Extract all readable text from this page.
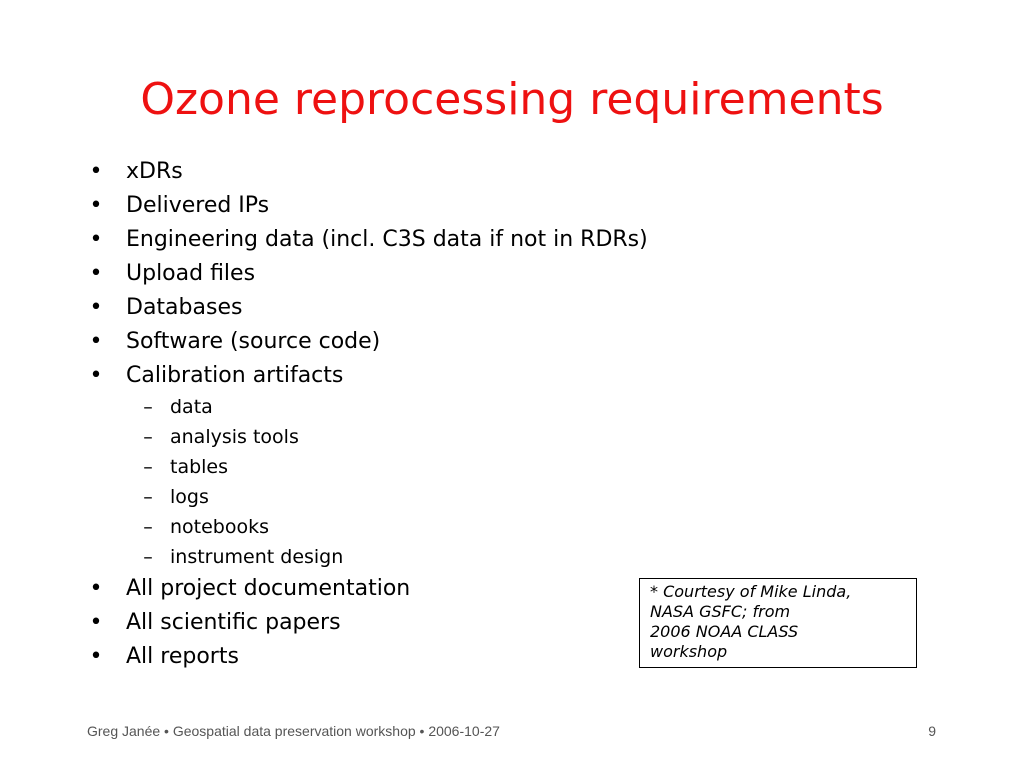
Ozone reprocessing requirements
• xDRs
• Delivered IPs
• Engineering data (incl. C3S data if not in RDRs)
• Upload files
• Databases
• Software (source code)
• Calibration artifacts
– data
– analysis tools
– tables
– logs
– notebooks
– instrument design
• All project documentation
• All scientific papers
• All reports
* Courtesy of Mike Linda,
NASA GSFC; from
2006 NOAA CLASS
workshop
Greg Janée • Geospatial data preservation workshop • 2006-10-27	9
